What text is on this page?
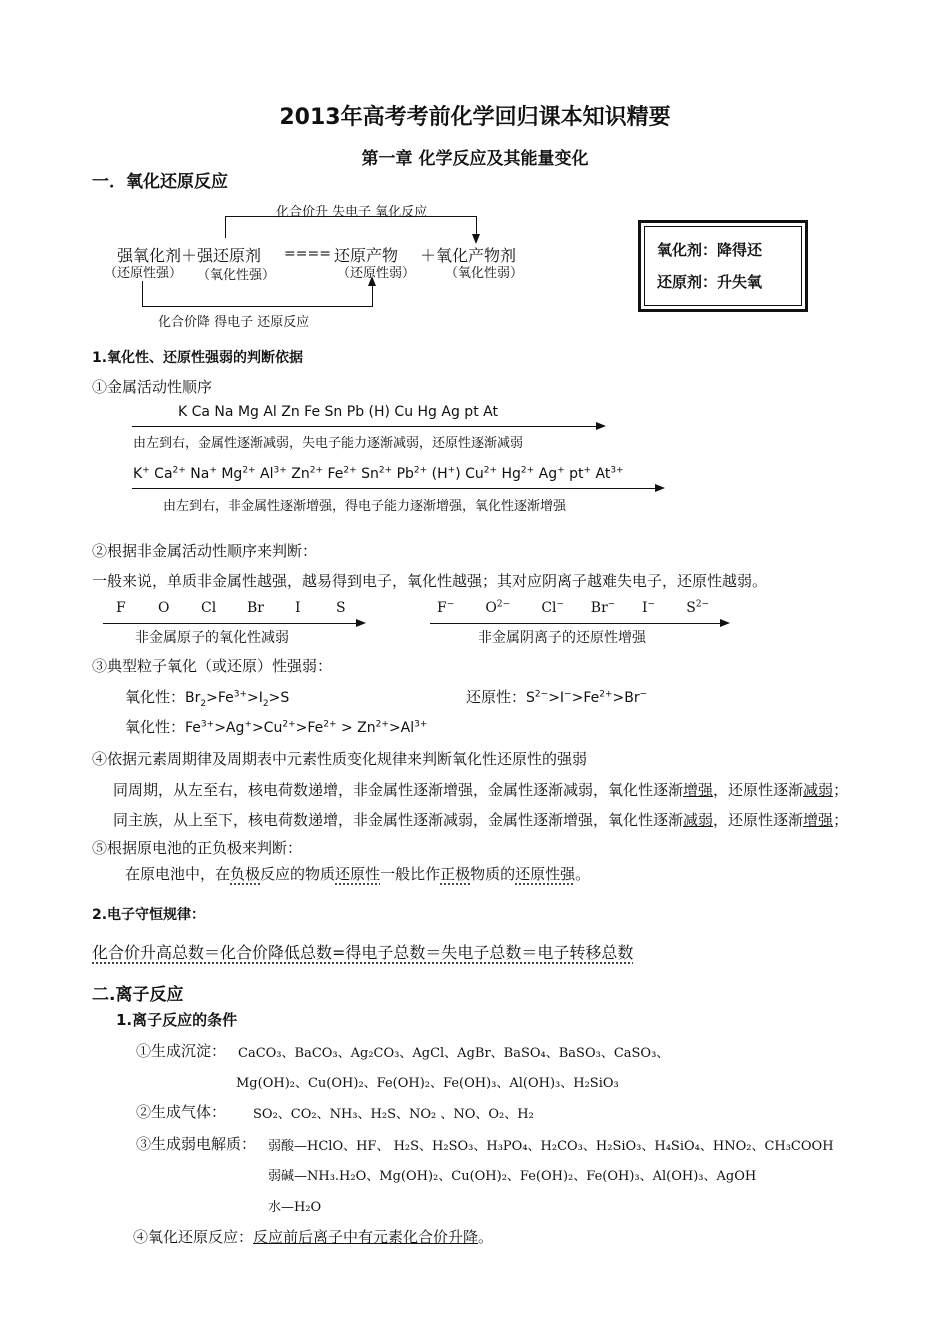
2013年高考考前化学回归课本知识精要
第一章 化学反应及其能量变化
一．氧化还原反应
化合价升 失电子 氧化反应
强氧化剂＋强还原剂 ==== 还原产物 ＋氧化产物剂
（还原性强） （氧化性强）	（还原性弱） （氧化性弱）
化合价降 得电子 还原反应
氧化剂：降得还
还原剂：升失氧
1.氧化性、还原性强弱的判断依据
①金属活动性顺序
K Ca Na Mg Al Zn Fe Sn Pb (H) Cu Hg Ag pt At
由左到右，金属性逐渐减弱，失电子能力逐渐减弱，还原性逐渐减弱
K+ $Ca^{2+}$ Na+ $Mg^{2+}$ $Al^{3+}$ $Zn^{2+}$ $Fe^{2+}$ $Sn^{2+}$ $Pb^{2+}$ (H+) $Cu^{2+}$ $Hg^{2+}$ Ag+ pt+ $At^{3+}$
由左到右，非金属性逐渐增强，得电子能力逐渐增强，氧化性逐渐增强
②根据非金属活动性顺序来判断：
一般来说，单质非金属性越强，越易得到电子，氧化性越强；其对应阴离子越难失电子，还原性越弱。
F O Cl Br I	S
非金属原子的氧化性减弱
F−       $O^{2-}$       Cl−      Br−      I−       $S^{2-}$
非金属阴离子的还原性增强
③典型粒子氧化（或还原）性强弱：
氧化性：$Br_2>Fe^{3+}>I_2>S$	还原性：$S^{2-}>I^->Fe^{2+}>Br^-$
氧化性：$Fe^{3+}>Ag^+>Cu^{2+}>Fe^{2+} > Zn^{2+}>Al^{3+}$
④依据元素周期律及周期表中元素性质变化规律来判断氧化性还原性的强弱
同周期，从左至右，核电荷数递增，非金属性逐渐增强，金属性逐渐减弱，氧化性逐渐增强，还原性逐渐减弱；
同主族，从上至下，核电荷数递增，非金属性逐渐减弱，金属性逐渐增强，氧化性逐渐减弱，还原性逐渐增强；
⑤根据原电池的正负极来判断：
在原电池中，在负极反应的物质还原性一般比作正极物质的还原性强。
2.电子守恒规律：
化合价升高总数＝化合价降低总数=得电子总数＝失电子总数＝电子转移总数
二.离子反应
1.离子反应的条件
①生成沉淀： CaCO₃、BaCO₃、Ag₂CO₃、AgCl、AgBr、BaSO₄、BaSO₃、CaSO₃、
Mg(OH)₂、Cu(OH)₂、Fe(OH)₂、Fe(OH)₃、Al(OH)₃、H₂SiO₃
②生成气体： SO₂、CO₂、NH₃、H₂S、NO₂ 、NO、O₂、H₂
③生成弱电解质： 弱酸—HClO、HF、 H₂S、H₂SO₃、H₃PO₄、H₂CO₃、H₂SiO₃、H₄SiO₄、HNO₂、CH₃COOH
弱碱—NH₃.H₂O、Mg(OH)₂、Cu(OH)₂、Fe(OH)₂、Fe(OH)₃、Al(OH)₃、AgOH
水—H₂O
④氧化还原反应：反应前后离子中有元素化合价升降。
